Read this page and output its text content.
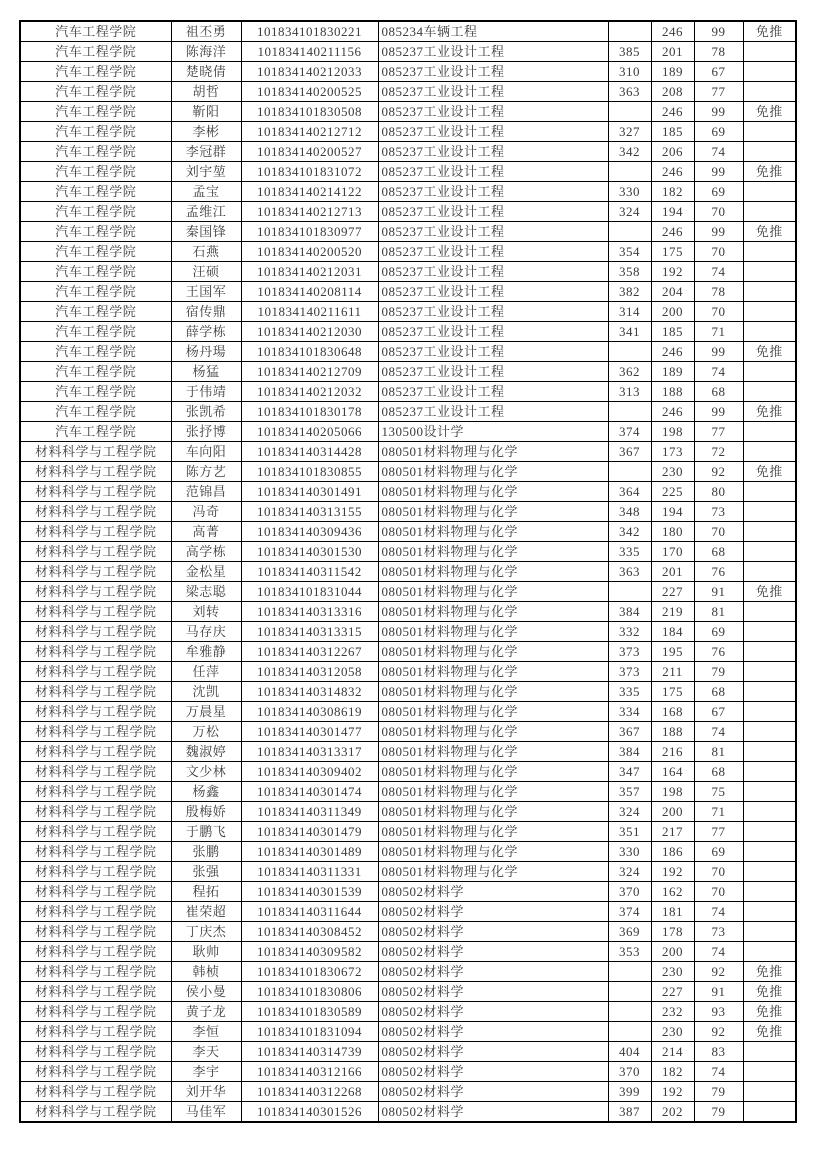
汽车工程学院	祖丕勇	101834101830221	085234车辆工程		246	99	免推
汽车工程学院	陈海洋	101834140211156	085237工业设计工程	385	201	78	
汽车工程学院	楚晓倩	101834140212033	085237工业设计工程	310	189	67	
汽车工程学院	胡哲	101834140200525	085237工业设计工程	363	208	77	
汽车工程学院	靳阳	101834101830508	085237工业设计工程		246	99	免推
汽车工程学院	李彬	101834140212712	085237工业设计工程	327	185	69	
汽车工程学院	李冠群	101834140200527	085237工业设计工程	342	206	74	
汽车工程学院	刘宇堃	101834101831072	085237工业设计工程		246	99	免推
汽车工程学院	孟宝	101834140214122	085237工业设计工程	330	182	69	
汽车工程学院	孟维江	101834140212713	085237工业设计工程	324	194	70	
汽车工程学院	秦国锋	101834101830977	085237工业设计工程		246	99	免推
汽车工程学院	石燕	101834140200520	085237工业设计工程	354	175	70	
汽车工程学院	汪硕	101834140212031	085237工业设计工程	358	192	74	
汽车工程学院	王国军	101834140208114	085237工业设计工程	382	204	78	
汽车工程学院	宿传鼎	101834140211611	085237工业设计工程	314	200	70	
汽车工程学院	薛学栋	101834140212030	085237工业设计工程	341	185	71	
汽车工程学院	杨丹瑒	101834101830648	085237工业设计工程		246	99	免推
汽车工程学院	杨猛	101834140212709	085237工业设计工程	362	189	74	
汽车工程学院	于伟靖	101834140212032	085237工业设计工程	313	188	68	
汽车工程学院	张凯希	101834101830178	085237工业设计工程		246	99	免推
汽车工程学院	张抒博	101834140205066	130500设计学	374	198	77	
材料科学与工程学院	车向阳	101834140314428	080501材料物理与化学	367	173	72	
材料科学与工程学院	陈方艺	101834101830855	080501材料物理与化学		230	92	免推
材料科学与工程学院	范锦昌	101834140301491	080501材料物理与化学	364	225	80	
材料科学与工程学院	冯奇	101834140313155	080501材料物理与化学	348	194	73	
材料科学与工程学院	高菁	101834140309436	080501材料物理与化学	342	180	70	
材料科学与工程学院	高学栋	101834140301530	080501材料物理与化学	335	170	68	
材料科学与工程学院	金松星	101834140311542	080501材料物理与化学	363	201	76	
材料科学与工程学院	梁志聪	101834101831044	080501材料物理与化学		227	91	免推
材料科学与工程学院	刘转	101834140313316	080501材料物理与化学	384	219	81	
材料科学与工程学院	马存庆	101834140313315	080501材料物理与化学	332	184	69	
材料科学与工程学院	牟雅静	101834140312267	080501材料物理与化学	373	195	76	
材料科学与工程学院	任萍	101834140312058	080501材料物理与化学	373	211	79	
材料科学与工程学院	沈凯	101834140314832	080501材料物理与化学	335	175	68	
材料科学与工程学院	万晨星	101834140308619	080501材料物理与化学	334	168	67	
材料科学与工程学院	万松	101834140301477	080501材料物理与化学	367	188	74	
材料科学与工程学院	魏淑婷	101834140313317	080501材料物理与化学	384	216	81	
材料科学与工程学院	文少林	101834140309402	080501材料物理与化学	347	164	68	
材料科学与工程学院	杨鑫	101834140301474	080501材料物理与化学	357	198	75	
材料科学与工程学院	殷梅娇	101834140311349	080501材料物理与化学	324	200	71	
材料科学与工程学院	于鹏飞	101834140301479	080501材料物理与化学	351	217	77	
材料科学与工程学院	张鹏	101834140301489	080501材料物理与化学	330	186	69	
材料科学与工程学院	张强	101834140311331	080501材料物理与化学	324	192	70	
材料科学与工程学院	程拓	101834140301539	080502材料学	370	162	70	
材料科学与工程学院	崔荣超	101834140311644	080502材料学	374	181	74	
材料科学与工程学院	丁庆杰	101834140308452	080502材料学	369	178	73	
材料科学与工程学院	耿帅	101834140309582	080502材料学	353	200	74	
材料科学与工程学院	韩桢	101834101830672	080502材料学		230	92	免推
材料科学与工程学院	侯小曼	101834101830806	080502材料学		227	91	免推
材料科学与工程学院	黄子龙	101834101830589	080502材料学		232	93	免推
材料科学与工程学院	李恒	101834101831094	080502材料学		230	92	免推
材料科学与工程学院	李天	101834140314739	080502材料学	404	214	83	
材料科学与工程学院	李宇	101834140312166	080502材料学	370	182	74	
材料科学与工程学院	刘开华	101834140312268	080502材料学	399	192	79	
材料科学与工程学院	马佳军	101834140301526	080502材料学	387	202	79	
